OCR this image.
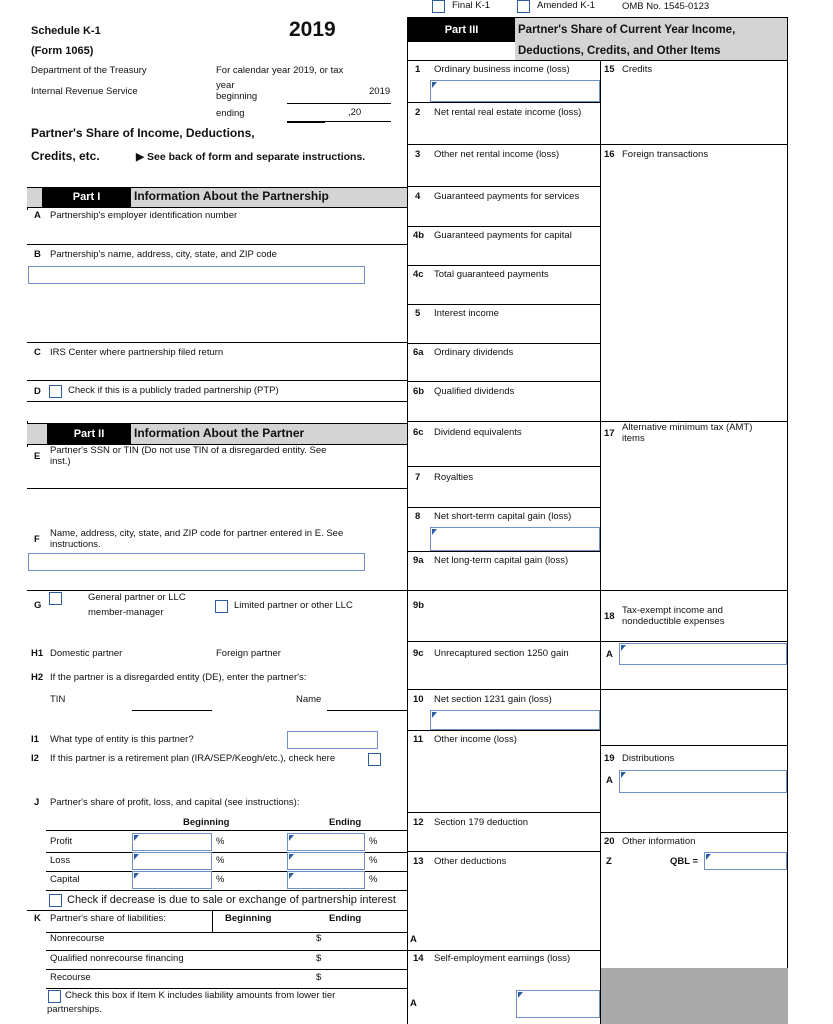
Final K-1	Amended K-1	OMB No. 1545-0123
Schedule K-1	2019
(Form 1065)
Department of the Treasury	For calendar year 2019, or tax
Internal Revenue Service
year
beginning	2019
ending	,20
Partner's Share of Income, Deductions,
Credits, etc.	▶ See back of form and separate instructions.
Part I	Information About the Partnership
A Partnership's employer identification number
B Partnership's name, address, city, state, and ZIP code
C IRS Center where partnership filed return
D	Check if this is a publicly traded partnership (PTP)
Part II	Information About the Partner
E
Partner's SSN or TIN (Do not use TIN of a disregarded entity. See
inst.)
F
Name, address, city, state, and ZIP code for partner entered in E. See
instructions.
G
General partner or LLC
member-manager
Limited partner or other LLC
H1 Domestic partner	Foreign partner
H2 If the partner is a disregarded entity (DE), enter the partner's:
TIN	Name
I1 What type of entity is this partner?
I2 If this partner is a retirement plan (IRA/SEP/Keogh/etc.), check here
J Partner's share of profit, loss, and capital (see instructions):
Beginning	Ending
Profit	%	%
Loss	%	%
Capital	%	%
Check if decrease is due to sale or exchange of partnership interest
K Partner's share of liabilities:	Beginning	Ending
Nonrecourse	$
Qualified nonrecourse financing	$
Recourse	$
Check this box if Item K includes liability amounts from lower tier
partnerships.
Part III	Partner's Share of Current Year Income,
Deductions, Credits, and Other Items
1 Ordinary business income (loss)
2 Net rental real estate income (loss)
3 Other net rental income (loss)
4 Guaranteed payments for services
4b Guaranteed payments for capital
4c Total guaranteed payments
5 Interest income
6a Ordinary dividends
6b Qualified dividends
6c Dividend equivalents
7 Royalties
8 Net short-term capital gain (loss)
9a Net long-term capital gain (loss)
9b
9c Unrecaptured section 1250 gain
10 Net section 1231 gain (loss)
11 Other income (loss)
12 Section 179 deduction
13 Other deductions
A
14 Self-employment earnings (loss)
A
15 Credits
16 Foreign transactions
17
Alternative minimum tax (AMT)
items
18
Tax-exempt income and
nondeductible expenses
A
19 Distributions
A
20 Other information
Z	QBL =
